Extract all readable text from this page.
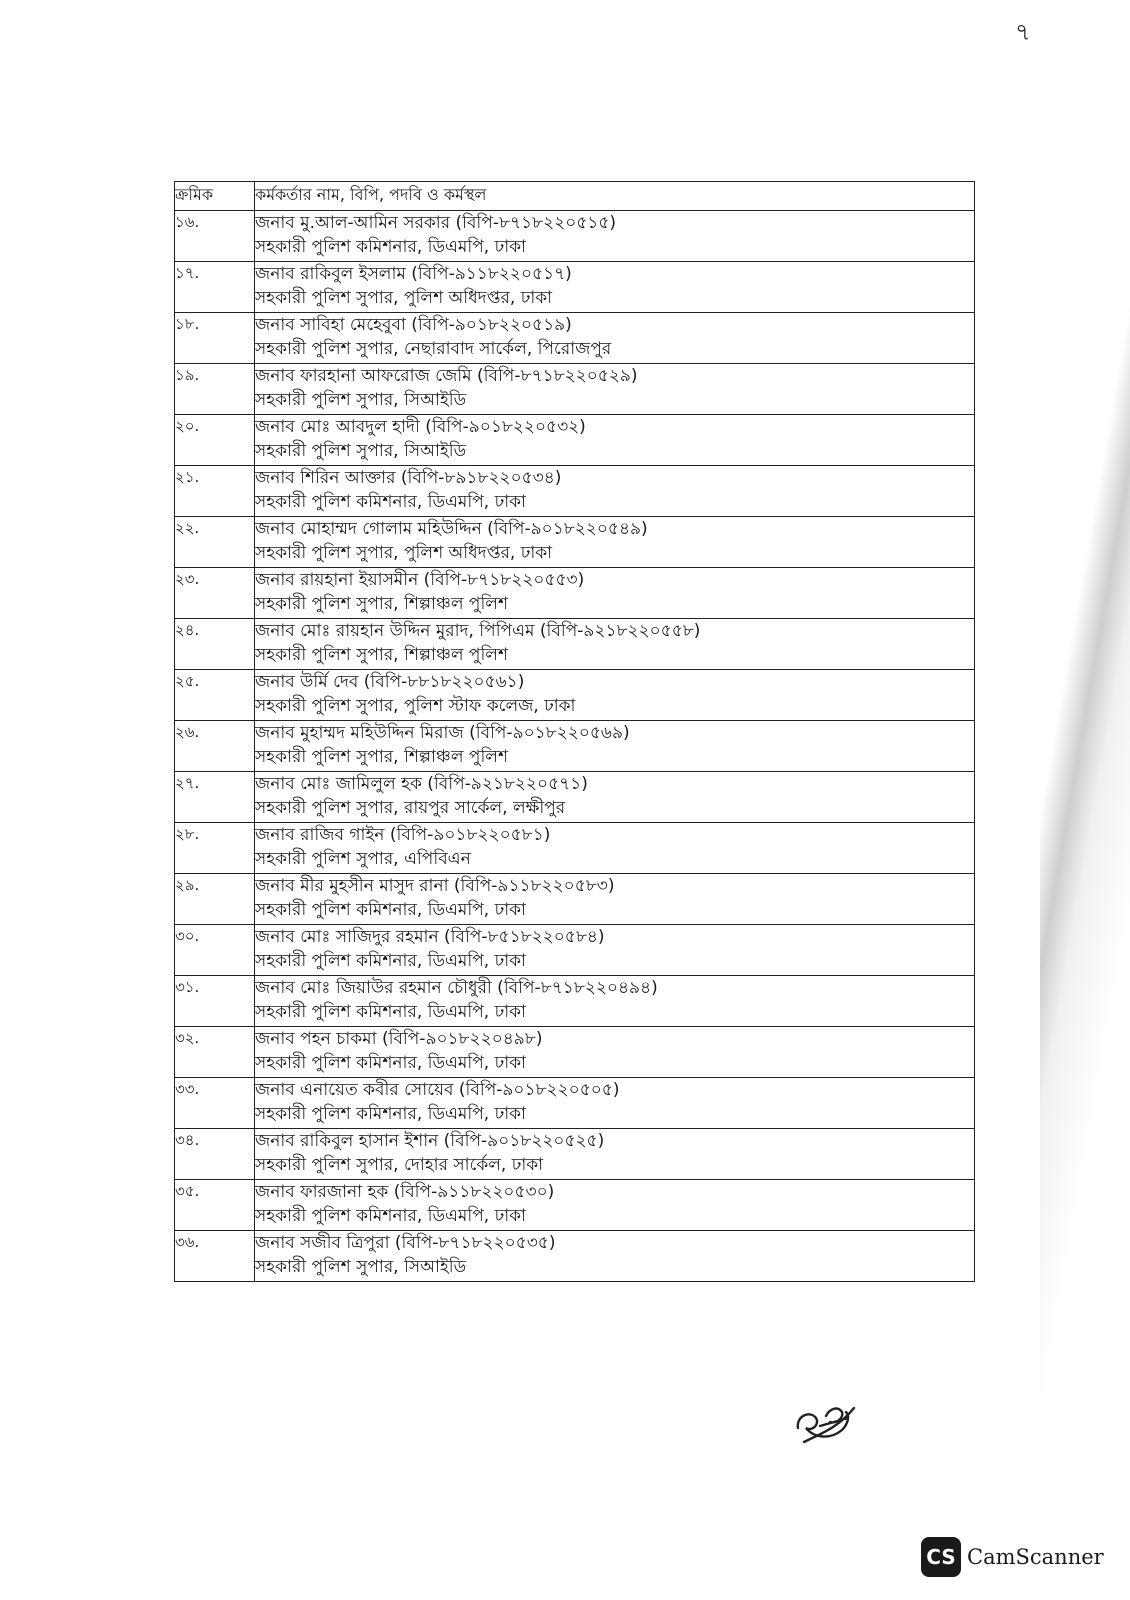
৭
ক্রমিক	কর্মকর্তার নাম, বিপি, পদবি ও কর্মস্থল
১৬.	জনাব মু.আল-আমিন সরকার (বিপি-৮৭১৮২২০৫১৫)
সহকারী পুলিশ কমিশনার, ডিএমপি, ঢাকা

১৭.	জনাব রাকিবুল ইসলাম (বিপি-৯১১৮২২০৫১৭)
সহকারী পুলিশ সুপার, পুলিশ অধিদপ্তর, ঢাকা

১৮.	জনাব সাবিহা মেহেবুবা (বিপি-৯০১৮২২০৫১৯)
সহকারী পুলিশ সুপার, নেছারাবাদ সার্কেল, পিরোজপুর

১৯.	জনাব ফারহানা আফরোজ জেমি (বিপি-৮৭১৮২২০৫২৯)
সহকারী পুলিশ সুপার, সিআইডি

২০.	জনাব মোঃ আবদুল হাদী (বিপি-৯০১৮২২০৫৩২)
সহকারী পুলিশ সুপার, সিআইডি

২১.	জনাব শিরিন আক্তার (বিপি-৮৯১৮২২০৫৩৪)
সহকারী পুলিশ কমিশনার, ডিএমপি, ঢাকা

২২.	জনাব মোহাম্মদ গোলাম মহিউদ্দিন (বিপি-৯০১৮২২০৫৪৯)
সহকারী পুলিশ সুপার, পুলিশ অধিদপ্তর, ঢাকা

২৩.	জনাব রায়হানা ইয়াসমীন (বিপি-৮৭১৮২২০৫৫৩)
সহকারী পুলিশ সুপার, শিল্পাঞ্চল পুলিশ

২৪.	জনাব মোঃ রায়হান উদ্দিন মুরাদ, পিপিএম (বিপি-৯২১৮২২০৫৫৮)
সহকারী পুলিশ সুপার, শিল্পাঞ্চল পুলিশ

২৫.	জনাব উর্মি দেব (বিপি-৮৮১৮২২০৫৬১)
সহকারী পুলিশ সুপার, পুলিশ স্টাফ কলেজ, ঢাকা

২৬.	জনাব মুহাম্মদ মহিউদ্দিন মিরাজ (বিপি-৯০১৮২২০৫৬৯)
সহকারী পুলিশ সুপার, শিল্পাঞ্চল পুলিশ

২৭.	জনাব মোঃ জামিলুল হক (বিপি-৯২১৮২২০৫৭১)
সহকারী পুলিশ সুপার, রায়পুর সার্কেল, লক্ষীপুর

২৮.	জনাব রাজিব গাইন (বিপি-৯০১৮২২০৫৮১)
সহকারী পুলিশ সুপার, এপিবিএন

২৯.	জনাব মীর মুহসীন মাসুদ রানা (বিপি-৯১১৮২২০৫৮৩)
সহকারী পুলিশ কমিশনার, ডিএমপি, ঢাকা

৩০.	জনাব মোঃ সাজিদুর রহমান (বিপি-৮৫১৮২২০৫৮৪)
সহকারী পুলিশ কমিশনার, ডিএমপি, ঢাকা

৩১.	জনাব মোঃ জিয়াউর রহমান চৌধুরী (বিপি-৮৭১৮২২০৪৯৪)
সহকারী পুলিশ কমিশনার, ডিএমপি, ঢাকা

৩২.	জনাব পহন চাকমা (বিপি-৯০১৮২২০৪৯৮)
সহকারী পুলিশ কমিশনার, ডিএমপি, ঢাকা

৩৩.	জনাব এনায়েত কবীর সোয়েব (বিপি-৯০১৮২২০৫০৫)
সহকারী পুলিশ কমিশনার, ডিএমপি, ঢাকা

৩৪.	জনাব রাকিবুল হাসান ইশান (বিপি-৯০১৮২২০৫২৫)
সহকারী পুলিশ সুপার, দোহার সার্কেল, ঢাকা

৩৫.	জনাব ফারজানা হক (বিপি-৯১১৮২২০৫৩০)
সহকারী পুলিশ কমিশনার, ডিএমপি, ঢাকা

৩৬.	জনাব সজীব ত্রিপুরা (বিপি-৮৭১৮২২০৫৩৫)
সহকারী পুলিশ সুপার, সিআইডি
CS CamScanner
